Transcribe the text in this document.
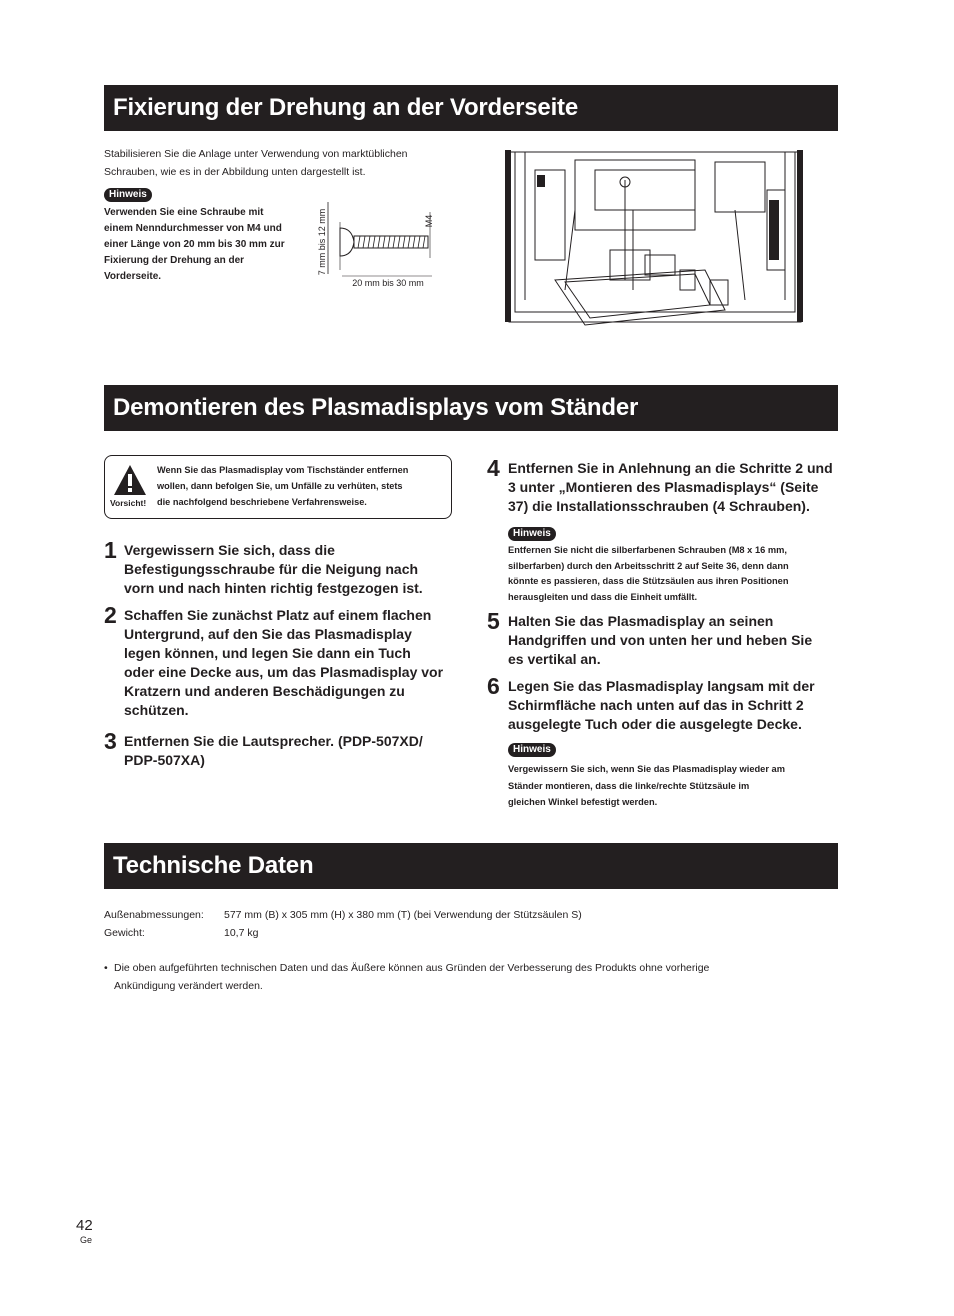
Fixierung der Drehung an der Vorderseite
Stabilisieren Sie die Anlage unter Verwendung von marktüblichen
Schrauben, wie es in der Abbildung unten dargestellt ist.
Hinweis
Verwenden Sie eine Schraube mit
einem Nenndurchmesser von M4 und
einer Länge von 20 mm bis 30 mm zur
Fixierung der Drehung an der
Vorderseite.
7 mm bis 12 mm	M4
20 mm bis 30 mm
Demontieren des Plasmadisplays vom Ständer
Vorsicht!
Wenn Sie das Plasmadisplay vom Tischständer entfernen
wollen, dann befolgen Sie, um Unfälle zu verhüten, stets
die nachfolgend beschriebene Verfahrensweise.
1 Vergewissern Sie sich, dass die
Befestigungsschraube für die Neigung nach
vorn und nach hinten richtig festgezogen ist.
2 Schaffen Sie zunächst Platz auf einem flachen
Untergrund, auf den Sie das Plasmadisplay
legen können, und legen Sie dann ein Tuch
oder eine Decke aus, um das Plasmadisplay vor
Kratzern und anderen Beschädigungen zu
schützen.
3 Entfernen Sie die Lautsprecher. (PDP-507XD/
PDP-507XA)
4 Entfernen Sie in Anlehnung an die Schritte 2 und
3 unter „Montieren des Plasmadisplays“ (Seite
37) die Installationsschrauben (4 Schrauben).
Hinweis
Entfernen Sie nicht die silberfarbenen Schrauben (M8 x 16 mm,
silberfarben) durch den Arbeitsschritt 2 auf Seite 36, denn dann
könnte es passieren, dass die Stützsäulen aus ihren Positionen
herausgleiten und dass die Einheit umfällt.
5 Halten Sie das Plasmadisplay an seinen
Handgriffen und von unten her und heben Sie
es vertikal an.
6 Legen Sie das Plasmadisplay langsam mit der
Schirmfläche nach unten auf das in Schritt 2
ausgelegte Tuch oder die ausgelegte Decke.
Hinweis
Vergewissern Sie sich, wenn Sie das Plasmadisplay wieder am
Ständer montieren, dass die linke/rechte Stützsäule im
gleichen Winkel befestigt werden.
Technische Daten
Außenabmessungen: 577 mm (B) x 305 mm (H) x 380 mm (T) (bei Verwendung der Stützsäulen S)
Gewicht:	10,7 kg
• Die oben aufgeführten technischen Daten und das Äußere können aus Gründen der Verbesserung des Produkts ohne vorherige
Ankündigung verändert werden.
42
Ge
